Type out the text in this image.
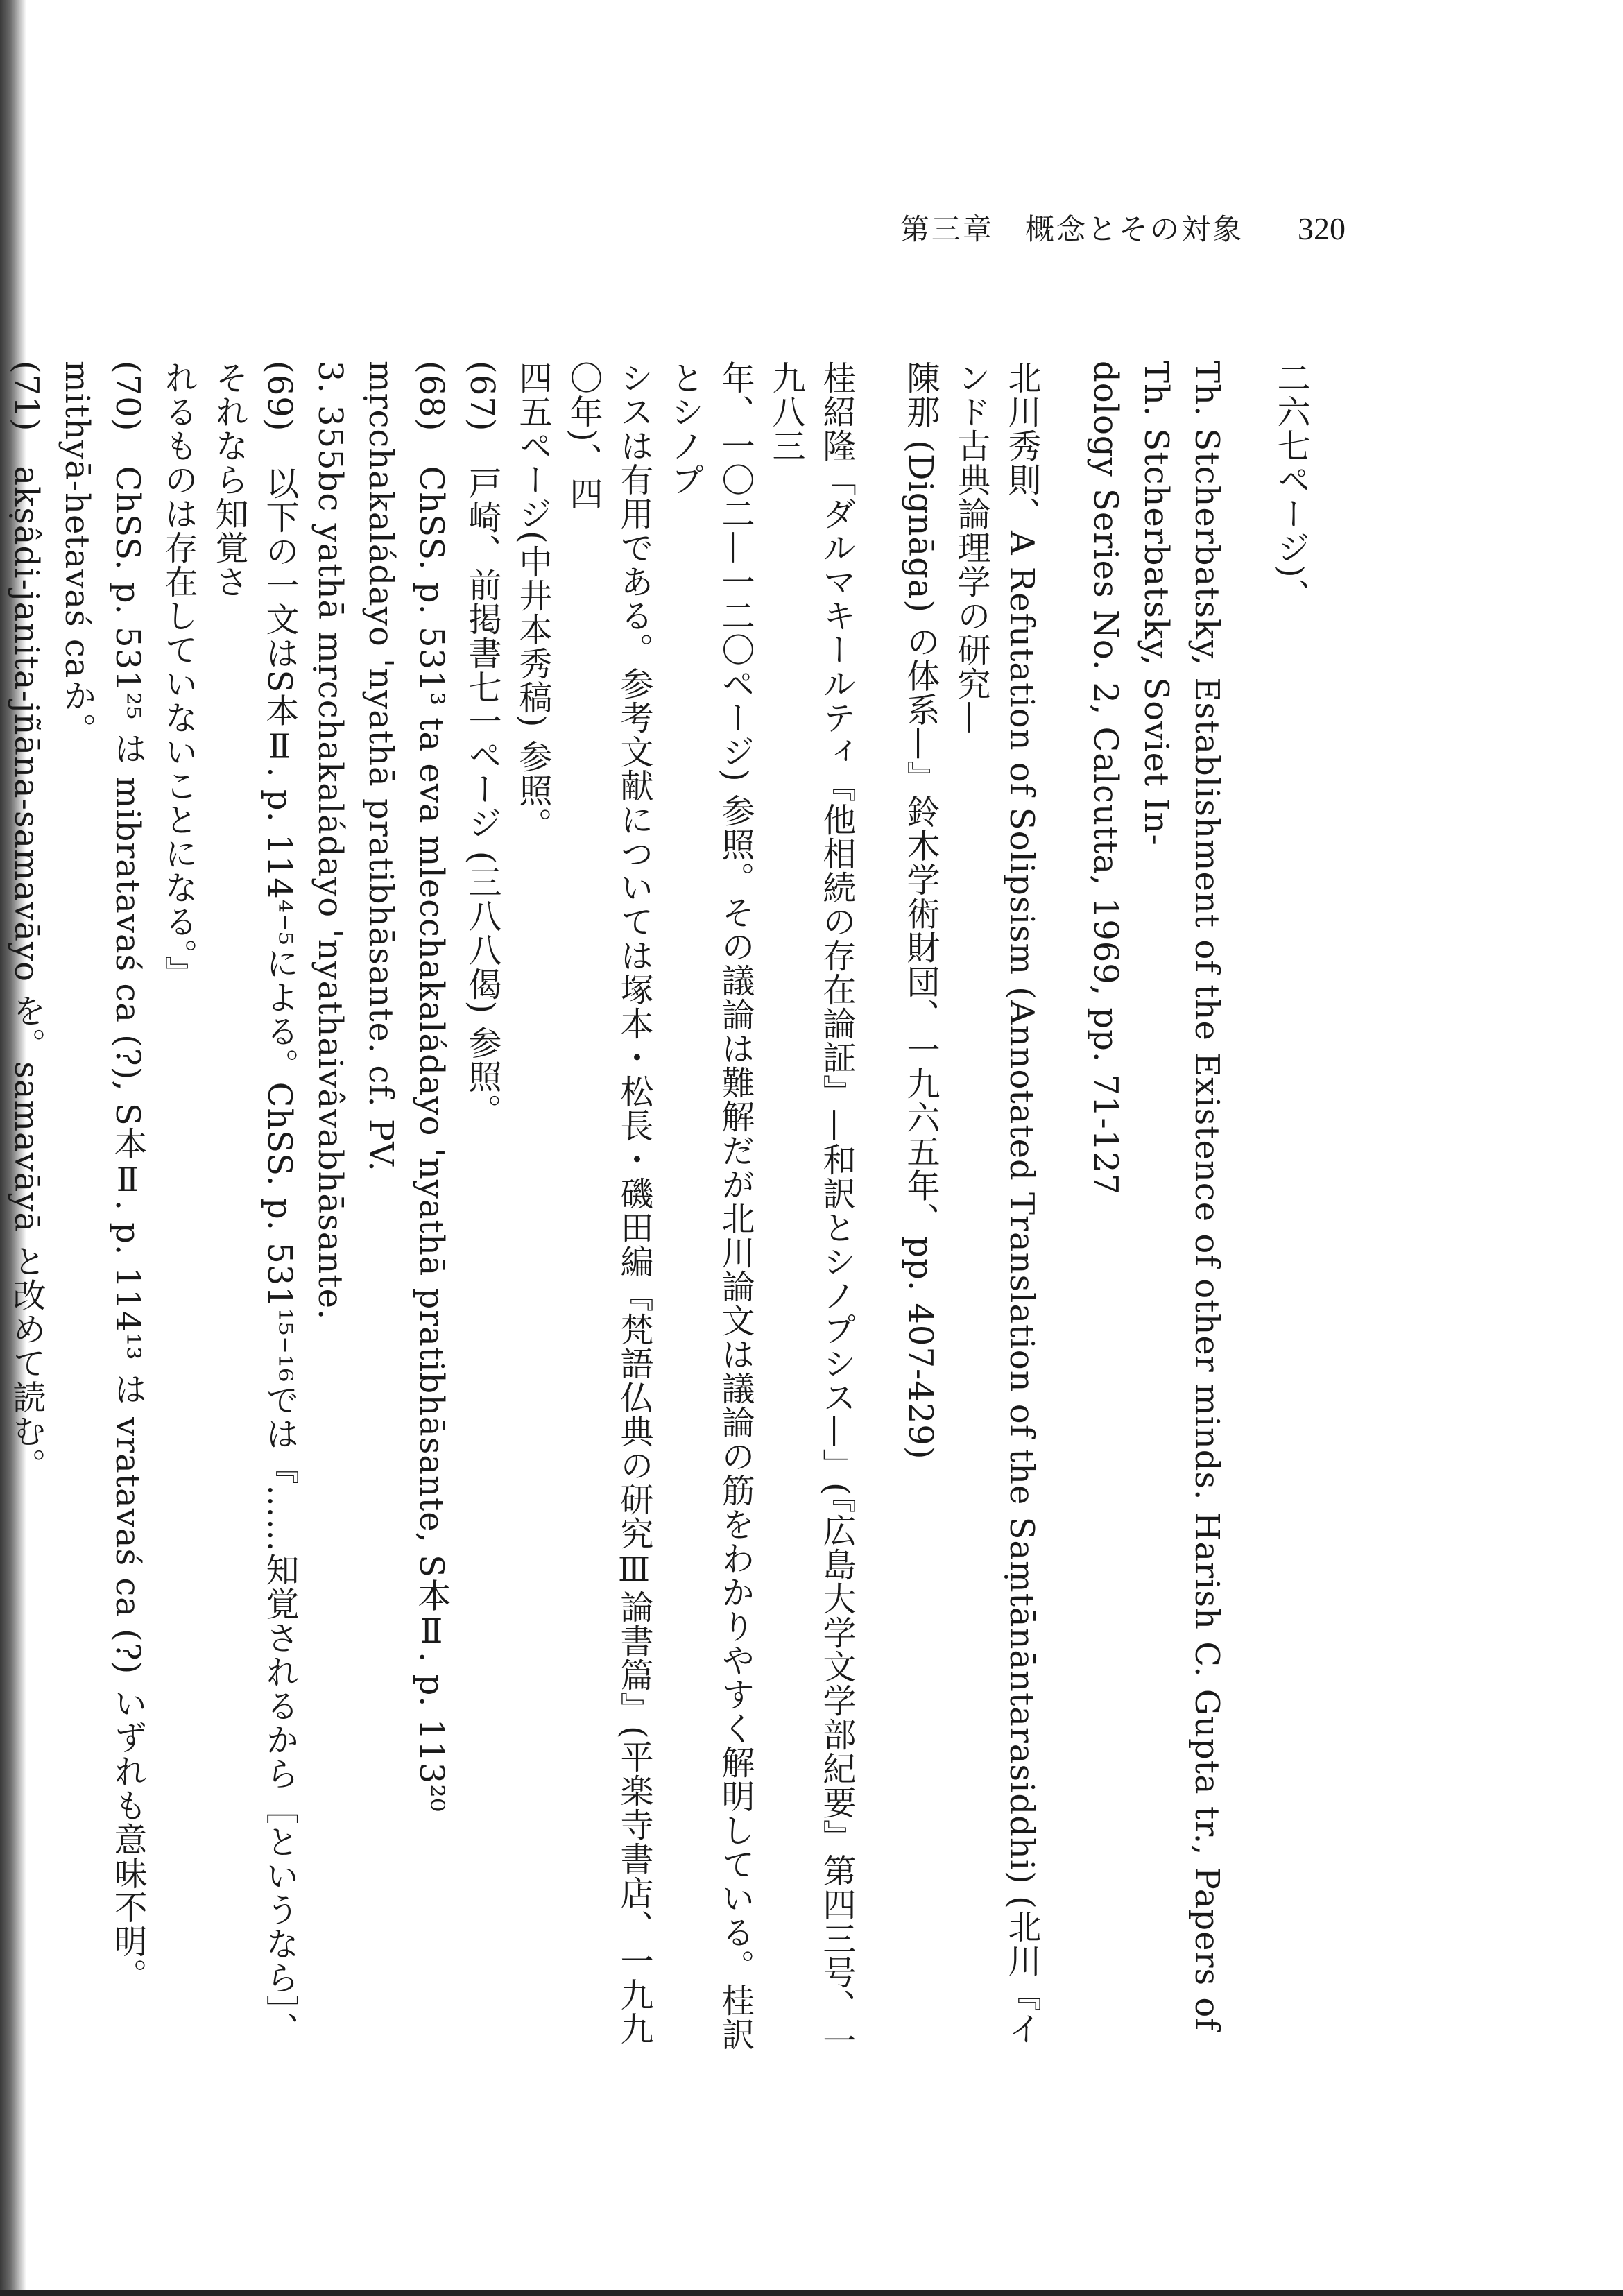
第三章　概念とその対象 320

二六七ページ)、

Th. Stcherbatsky, Establishment of the Existence of other minds. Harish C. Gupta tr., Papers of Th. Stcherbatsky, Soviet In-

dology Series No. 2, Calcutta, 1969, pp. 71-127

北川秀則、A Refutation of Solipsism (Annotated Translation of the Saṃtānāntarasiddhi) (北川『インド古典論理学の研究—

陳那 (Dignāga) の体系—』鈴木学術財団、一九六五年、pp. 407-429)

桂紹隆「ダルマキールティ『他相続の存在論証』—和訳とシノプシス—」(『広島大学文学部紀要』第四三号、一九八三

年、一〇二—一二〇ページ) 参照。その議論は難解だが北川論文は議論の筋をわかりやすく解明している。桂訳とシノプ

シスは有用である。参考文献については塚本・松長・磯田編『梵語仏典の研究Ⅲ論書篇』(平楽寺書店、一九九〇年)、四

四五ページ(中井本秀稿) 参照。

(67)　戸崎、前掲書七一ページ (三八八偈) 参照。

(68)　ChSS. p. 531³ ta eva mlecchakaládayo 'nyathā pratibhāsante, S本Ⅱ. p. 113²⁰ mṛcchakaládayo 'nyathā pratibhāsante. cf. PV.

3. 355bc yathā mṛcchakaládayo 'nyathaivâvabhāsante.

(69)　以下の一文はS本Ⅱ. p. 114⁴⁻⁵による。ChSS. p. 531¹⁵⁻¹⁶では『……知覚されるから［というなら］、それなら知覚さ

れるものは存在していないことになる。』

(70)　ChSS. p. 531²⁵ は mibratavaś ca (?), S本Ⅱ. p. 114¹³ は vratavaś ca (?) いずれも意味不明。mithyā-hetavaś caか。

(71)　akṣâdi-janita-jñāna-samavāyo を。samavāyā と改めて読む。
